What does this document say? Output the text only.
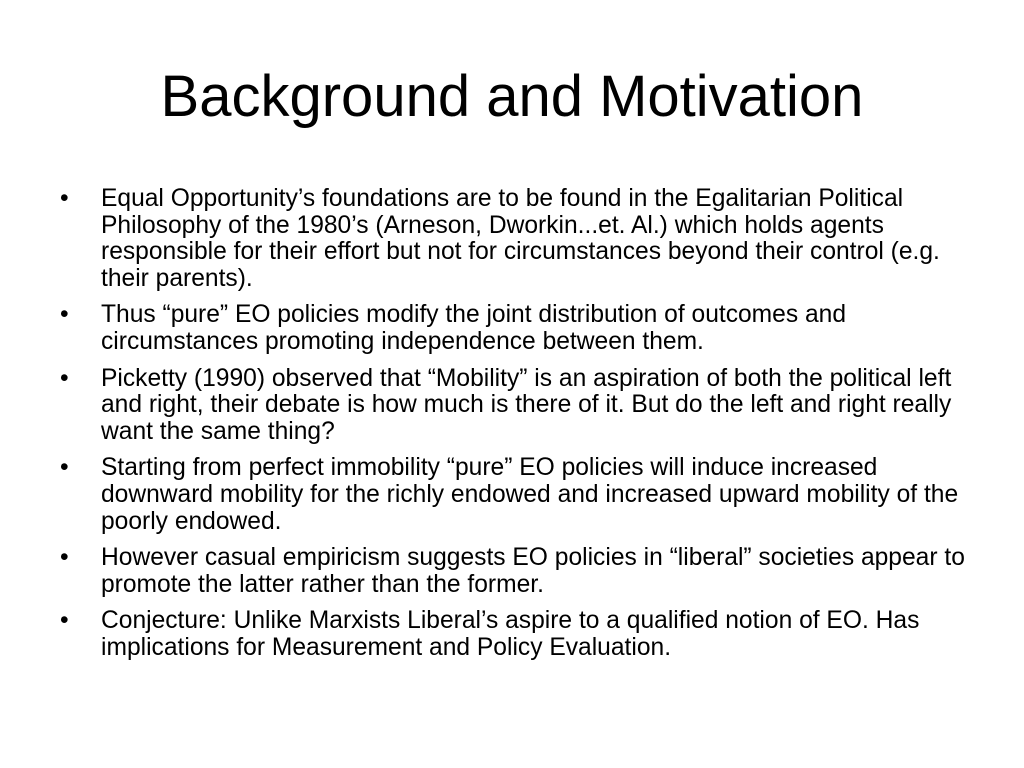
Background and Motivation
• Equal Opportunity’s foundations are to be found in the Egalitarian Political Philosophy of the 1980’s (Arneson, Dworkin...et. Al.) which holds agents responsible for their effort but not for circumstances beyond their control (e.g. their parents).
• Thus “pure” EO policies modify the joint distribution of outcomes and circumstances promoting independence between them.
• Picketty (1990) observed that “Mobility” is an aspiration of both the political left and right, their debate is how much is there of it. But do the left and right really want the same thing?
• Starting from perfect immobility “pure” EO policies will induce increased downward mobility for the richly endowed and increased upward mobility of the poorly endowed.
• However casual empiricism suggests EO policies in “liberal” societies appear to promote the latter rather than the former.
• Conjecture: Unlike Marxists Liberal’s aspire to a qualified notion of EO. Has implications for Measurement and Policy Evaluation.
